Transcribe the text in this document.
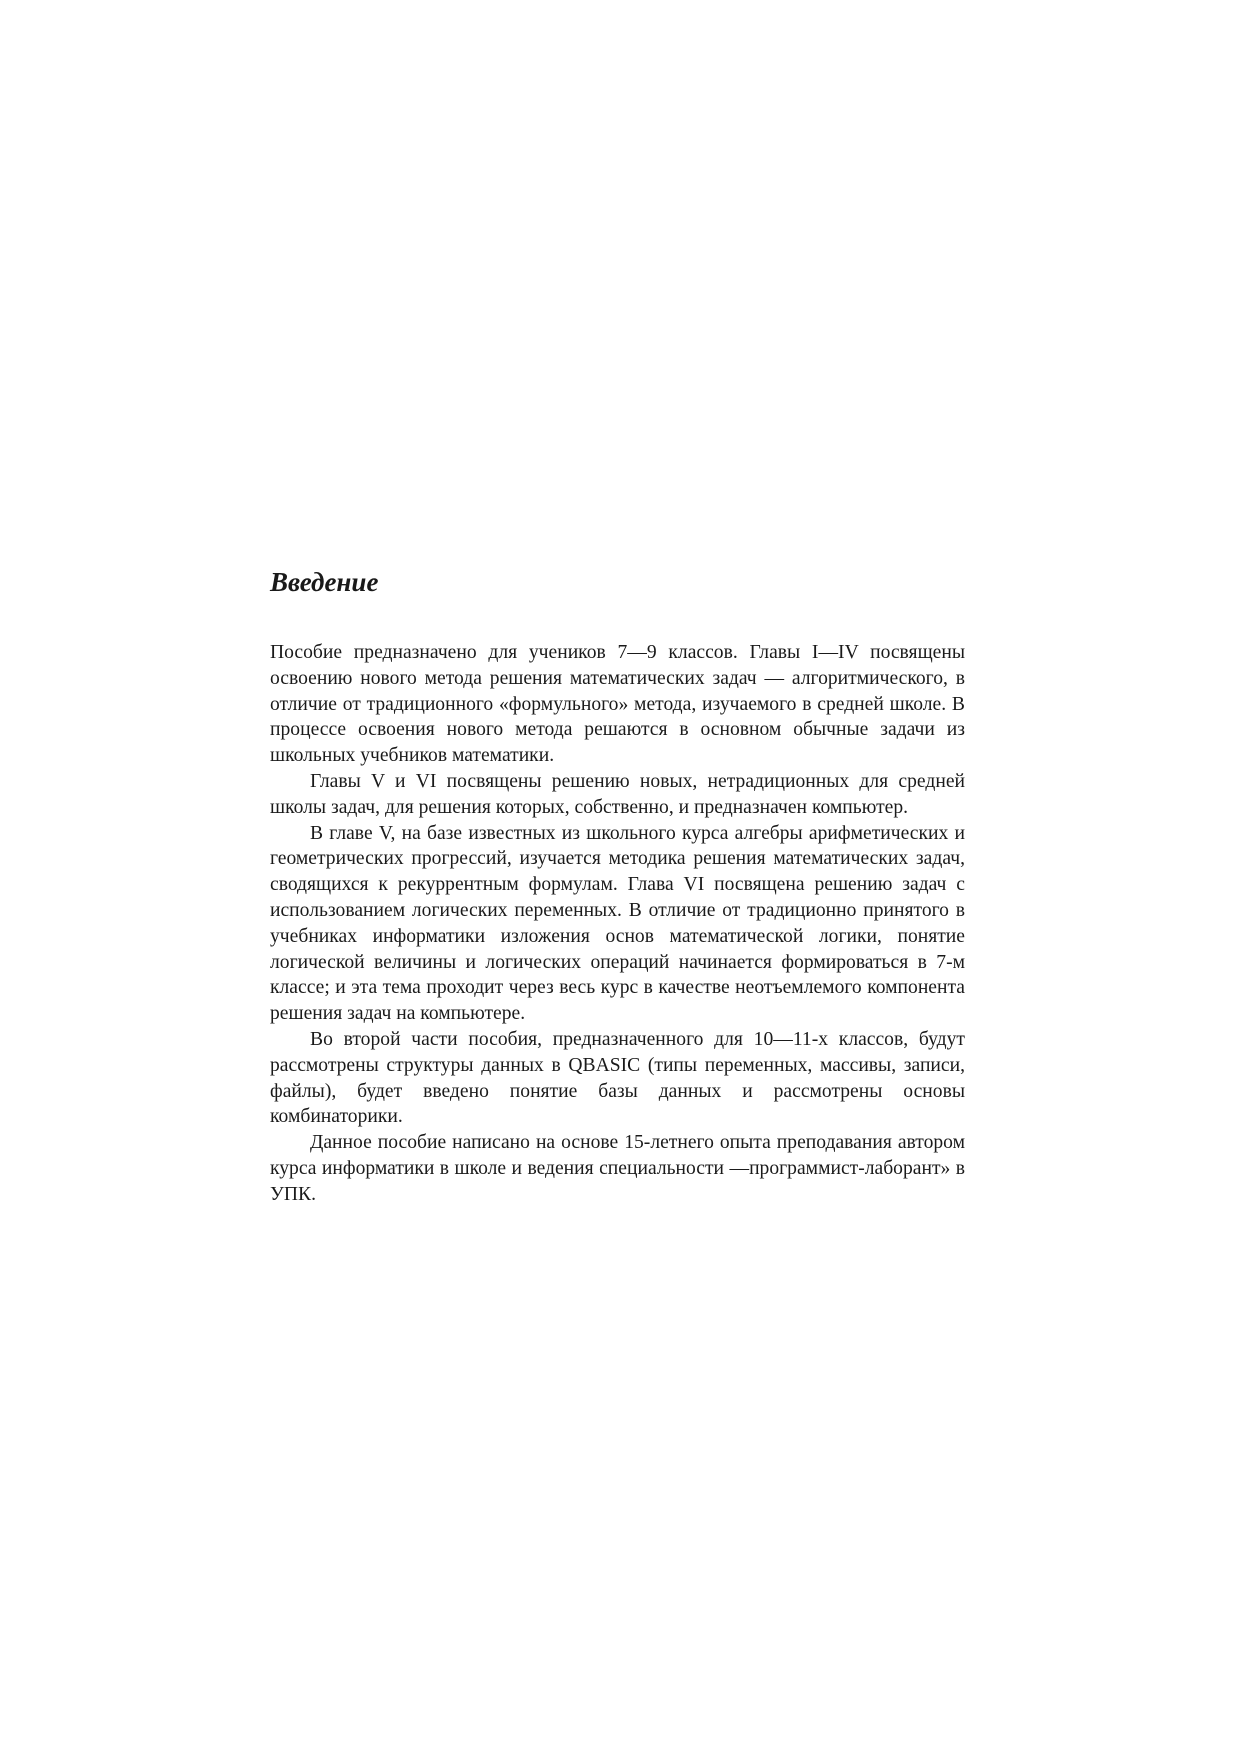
Введение

Пособие предназначено для учеников 7—9 классов. Главы I—IV посвящены освоению нового метода решения математических задач — алгоритмического, в отличие от традиционного «формульного» метода, изучаемого в средней школе. В процессе освоения нового метода решаются в основном обычные задачи из школьных учебников математики.

Главы V и VI посвящены решению новых, нетрадиционных для средней школы задач, для решения которых, собственно, и предназначен компьютер.

В главе V, на базе известных из школьного курса алгебры арифметических и геометрических прогрессий, изучается методика решения математических задач, сводящихся к рекуррентным формулам. Глава VI посвящена решению задач с использованием логических переменных. В отличие от традиционно принятого в учебниках информатики изложения основ математической логики, понятие логической величины и логических операций начинается формироваться в 7-м классе; и эта тема проходит через весь курс в качестве неотъемлемого компонента решения задач на компьютере.

Во второй части пособия, предназначенного для 10—11-х классов, будут рассмотрены структуры данных в QBASIC (типы переменных, массивы, записи, файлы), будет введено понятие базы данных и рассмотрены основы комбинаторики.

Данное пособие написано на основе 15-летнего опыта преподавания автором курса информатики в школе и ведения специальности —программист-лаборант» в УПК.
